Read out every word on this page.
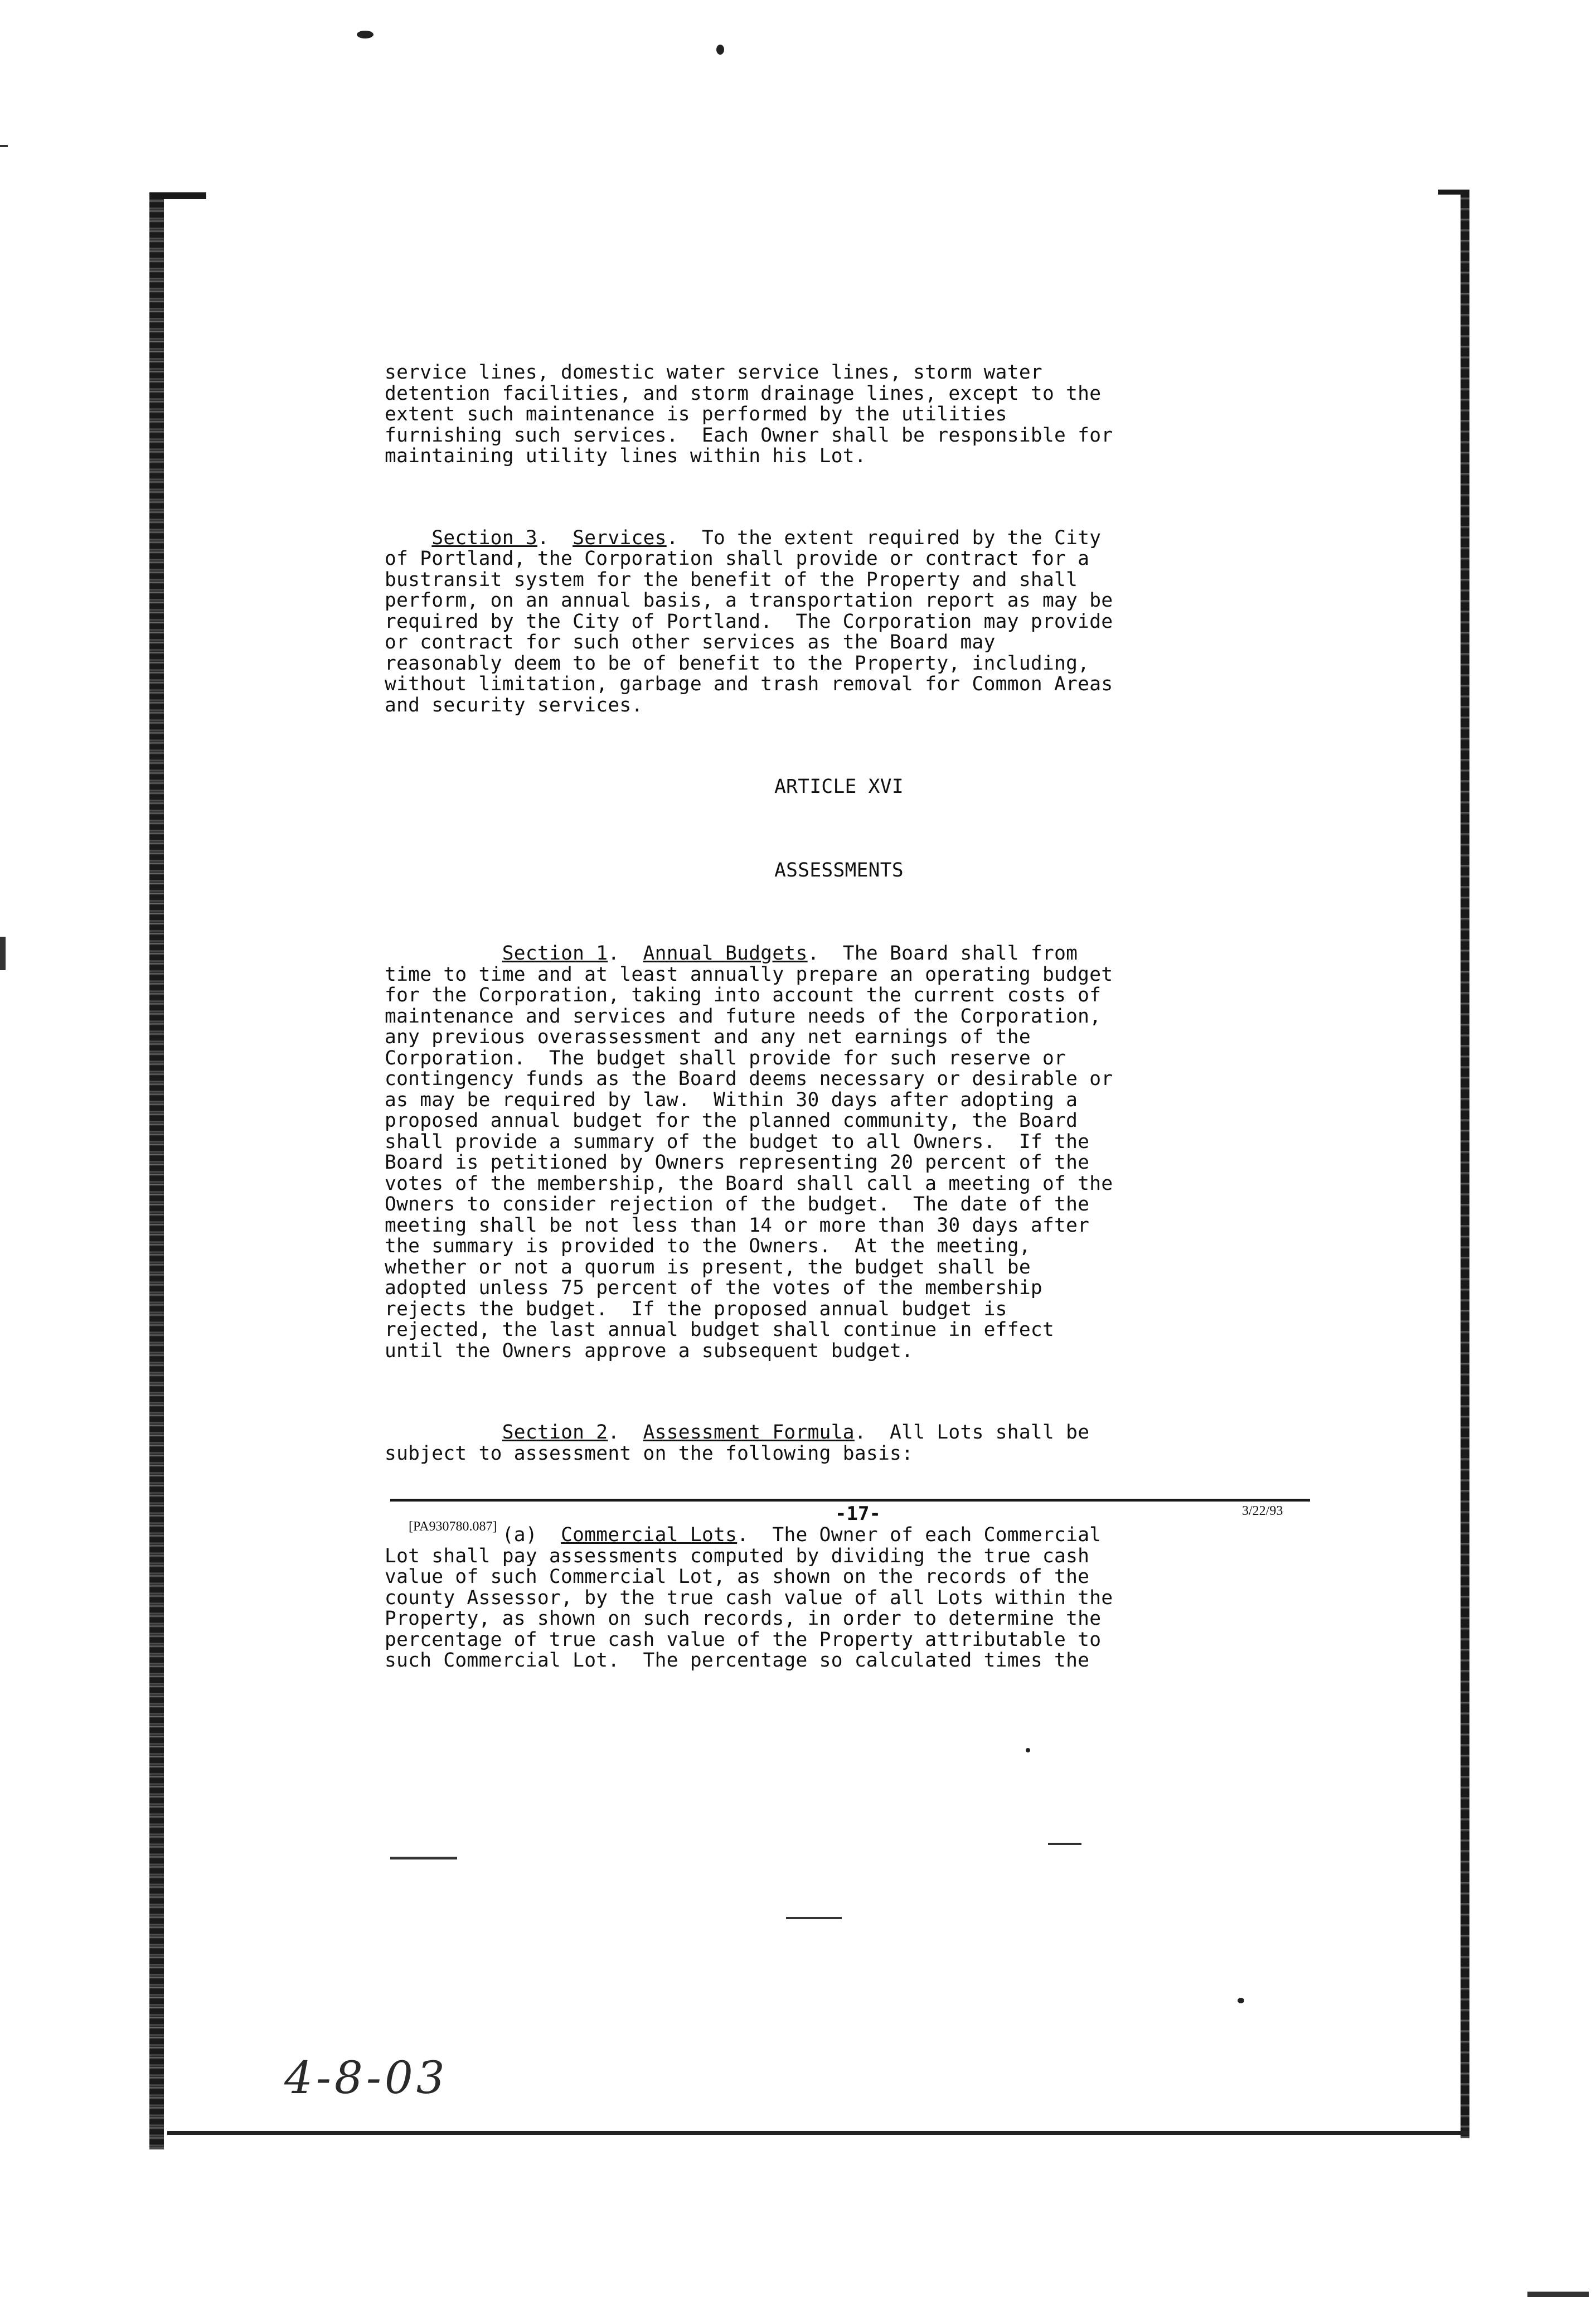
service lines, domestic water service lines, storm water
detention facilities, and storm drainage lines, except to the
extent such maintenance is performed by the utilities
furnishing such services.  Each Owner shall be responsible for
maintaining utility lines within his Lot.

Section 3.  Services.  To the extent required by the City
of Portland, the Corporation shall provide or contract for a
bustransit system for the benefit of the Property and shall
perform, on an annual basis, a transportation report as may be
required by the City of Portland.  The Corporation may provide
or contract for such other services as the Board may
reasonably deem to be of benefit to the Property, including,
without limitation, garbage and trash removal for Common Areas
and security services.

ARTICLE XVI

ASSESSMENTS

Section 1.  Annual Budgets.  The Board shall from
time to time and at least annually prepare an operating budget
for the Corporation, taking into account the current costs of
maintenance and services and future needs of the Corporation,
any previous overassessment and any net earnings of the
Corporation.  The budget shall provide for such reserve or
contingency funds as the Board deems necessary or desirable or
as may be required by law.  Within 30 days after adopting a
proposed annual budget for the planned community, the Board
shall provide a summary of the budget to all Owners.  If the
Board is petitioned by Owners representing 20 percent of the
votes of the membership, the Board shall call a meeting of the
Owners to consider rejection of the budget.  The date of the
meeting shall be not less than 14 or more than 30 days after
the summary is provided to the Owners.  At the meeting,
whether or not a quorum is present, the budget shall be
adopted unless 75 percent of the votes of the membership
rejects the budget.  If the proposed annual budget is
rejected, the last annual budget shall continue in effect
until the Owners approve a subsequent budget.

Section 2.  Assessment Formula.  All Lots shall be
subject to assessment on the following basis:

(a) Commercial Lots.  The Owner of each Commercial
Lot shall pay assessments computed by dividing the true cash
value of such Commercial Lot, as shown on the records of the
county Assessor, by the true cash value of all Lots within the
Property, as shown on such records, in order to determine the
percentage of true cash value of the Property attributable to
such Commercial Lot.  The percentage so calculated times the

[PA930780.087]
-17-	3/22/93
4-8-03
